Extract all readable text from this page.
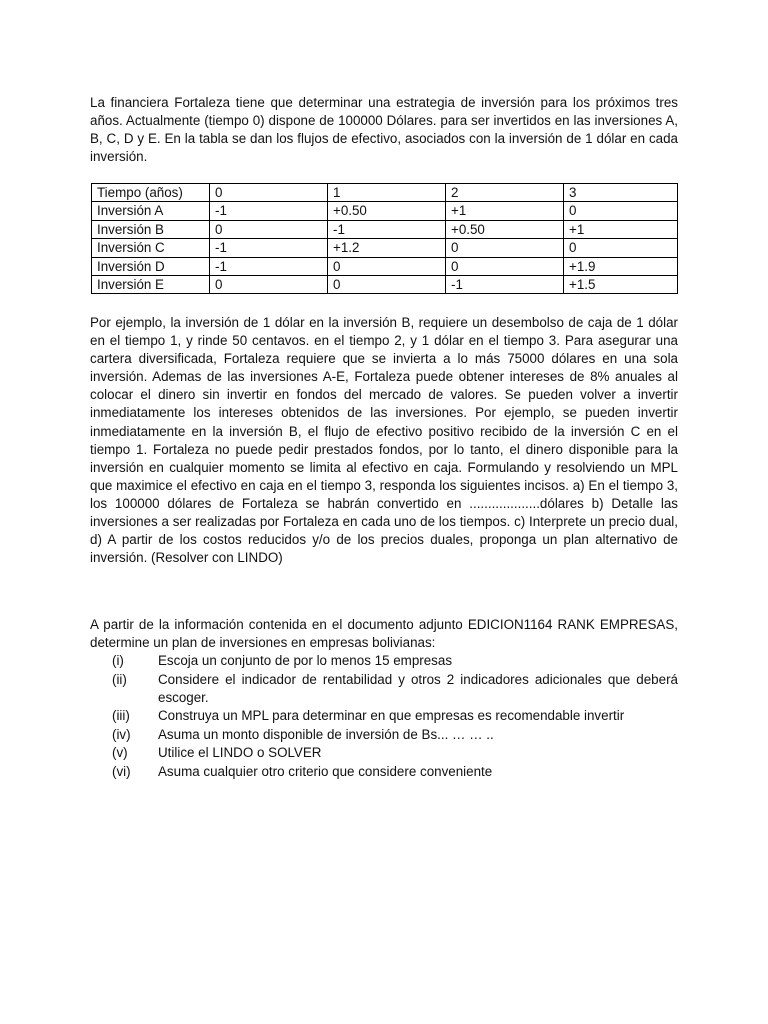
La financiera Fortaleza tiene que determinar una estrategia de inversión para los próximos tres años. Actualmente (tiempo 0) dispone de 100000 Dólares. para ser invertidos en las inversiones A, B, C, D y E. En la tabla se dan los flujos de efectivo, asociados con la inversión de 1 dólar en cada inversión.

Tiempo (años)	0	1	2	3
Inversión A	-1	+0.50	+1	0
Inversión B	0	-1	+0.50	+1
Inversión C	-1	+1.2	0	0
Inversión D	-1	0	0	+1.9
Inversión E	0	0	-1	+1.5

Por ejemplo, la inversión de 1 dólar en la inversión B, requiere un desembolso de caja de 1 dólar en el tiempo 1, y rinde 50 centavos. en el tiempo 2, y 1 dólar en el tiempo 3. Para asegurar una cartera diversificada, Fortaleza requiere que se invierta a lo más 75000 dólares en una sola inversión. Ademas de las inversiones A-E, Fortaleza puede obtener intereses de 8% anuales al colocar el dinero sin invertir en fondos del mercado de valores. Se pueden volver a invertir inmediatamente los intereses obtenidos de las inversiones. Por ejemplo, se pueden invertir inmediatamente en la inversión B, el flujo de efectivo positivo recibido de la inversión C en el tiempo 1. Fortaleza no puede pedir prestados fondos, por lo tanto, el dinero disponible para la inversión en cualquier momento se limita al efectivo en caja. Formulando y resolviendo un MPL que maximice el efectivo en caja en el tiempo 3, responda los siguientes incisos. a) En el tiempo 3, los 100000 dólares de Fortaleza se habrán convertido en ...................dólares b) Detalle las inversiones a ser realizadas por Fortaleza en cada uno de los tiempos. c) Interprete un precio dual, d) A partir de los costos reducidos y/o de los precios duales, proponga un plan alternativo de inversión. (Resolver con LINDO)

A partir de la información contenida en el documento adjunto EDICION1164 RANK EMPRESAS, determine un plan de inversiones en empresas bolivianas:

(i)	Escoja un conjunto de por lo menos 15 empresas
(ii)	Considere el indicador de rentabilidad y otros 2 indicadores adicionales que deberá escoger.
(iii)	Construya un MPL para determinar en que empresas es recomendable invertir
(iv)	Asuma un monto disponible de inversión de Bs... … … ..
(v)	Utilice el LINDO o SOLVER
(vi)	Asuma cualquier otro criterio que considere conveniente
